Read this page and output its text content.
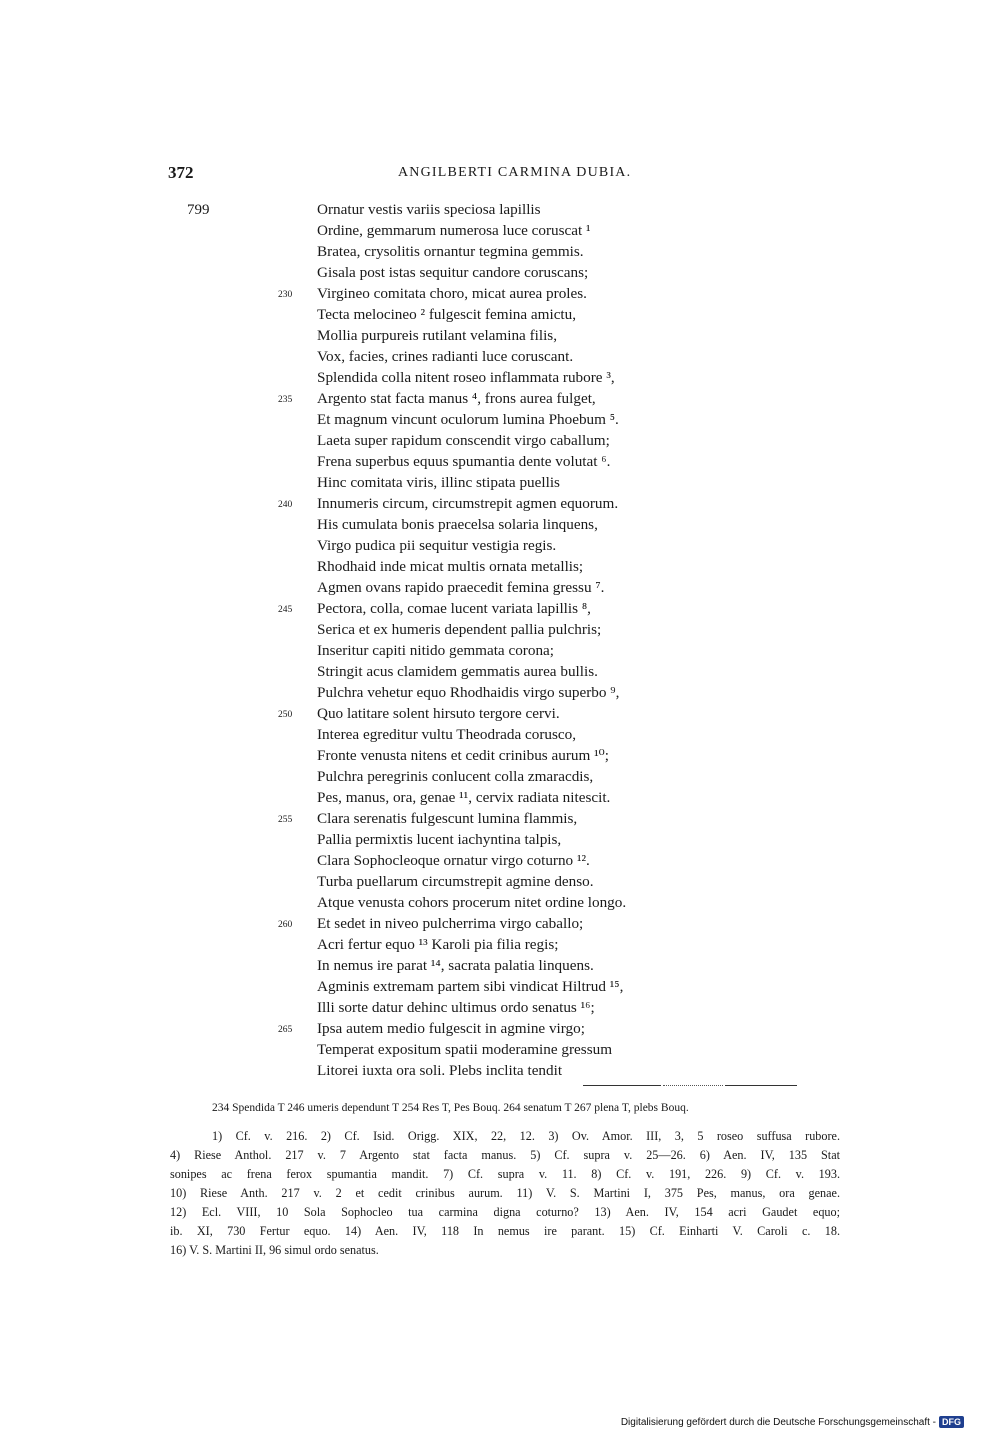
372	ANGILBERTI CARMINA DUBIA.
799	Ornatur vestis variis speciosa lapillis
Ordine, gemmarum numerosa luce coruscat ¹
Bratea, crysolitis ornantur tegmina gemmis.
Gisala post istas sequitur candore coruscans;
Virgineo comitata choro, micat aurea proles.
230
Tecta melocineo ² fulgescit femina amictu,
Mollia purpureis rutilant velamina filis,
Vox, facies, crines radianti luce coruscant.
Splendida colla nitent roseo inflammata rubore ³,
Argento stat facta manus ⁴, frons aurea fulget,
235
Et magnum vincunt oculorum lumina Phoebum ⁵.
Laeta super rapidum conscendit virgo caballum;
Frena superbus equus spumantia dente volutat ⁶.
Hinc comitata viris, illinc stipata puellis
Innumeris circum, circumstrepit agmen equorum.
240
His cumulata bonis praecelsa solaria linquens,
Virgo pudica pii sequitur vestigia regis.
Rhodhaid inde micat multis ornata metallis;
Agmen ovans rapido praecedit femina gressu ⁷.
Pectora, colla, comae lucent variata lapillis ⁸,
245
Serica et ex humeris dependent pallia pulchris;
Inseritur capiti nitido gemmata corona;
Stringit acus clamidem gemmatis aurea bullis.
Pulchra vehetur equo Rhodhaidis virgo superbo ⁹,
Quo latitare solent hirsuto tergore cervi.
250
Interea egreditur vultu Theodrada corusco,
Fronte venusta nitens et cedit crinibus aurum ¹⁰;
Pulchra peregrinis conlucent colla zmaracdis,
Pes, manus, ora, genae ¹¹, cervix radiata nitescit.
Clara serenatis fulgescunt lumina flammis,
255
Pallia permixtis lucent iachyntina talpis,
Clara Sophocleoque ornatur virgo coturno ¹².
Turba puellarum circumstrepit agmine denso.
Atque venusta cohors procerum nitet ordine longo.
Et sedet in niveo pulcherrima virgo caballo;
260
Acri fertur equo ¹³ Karoli pia filia regis;
In nemus ire parat ¹⁴, sacrata palatia linquens.
Agminis extremam partem sibi vindicat Hiltrud ¹⁵,
Illi sorte datur dehinc ultimus ordo senatus ¹⁶;
Ipsa autem medio fulgescit in agmine virgo;
265
Temperat expositum spatii moderamine gressum
Litorei iuxta ora soli. Plebs inclita tendit
234 Spendida T 246 umeris dependunt T 254 Res T, Pes Bouq. 264 senatum T 267 plena T, plebs Bouq.
1) Cf. v. 216. 2) Cf. Isid. Origg. XIX, 22, 12. 3) Ov. Amor. III, 3, 5 roseo suffusa rubore.
4) Riese Anthol. 217 v. 7 Argento stat facta manus. 5) Cf. supra v. 25—26. 6) Aen. IV, 135 Stat
sonipes ac frena ferox spumantia mandit. 7) Cf. supra v. 11. 8) Cf. v. 191, 226. 9) Cf. v. 193.
10) Riese Anth. 217 v. 2 et cedit crinibus aurum. 11) V. S. Martini I, 375 Pes, manus, ora genae.
12) Ecl. VIII, 10 Sola Sophocleo tua carmina digna coturno? 13) Aen. IV, 154 acri Gaudet equo;
ib. XI, 730 Fertur equo. 14) Aen. IV, 118 In nemus ire parant. 15) Cf. Einharti V. Caroli c. 18.
16) V. S. Martini II, 96 simul ordo senatus.
Digitalisierung gefördert durch die Deutsche Forschungsgemeinschaft - DFG
